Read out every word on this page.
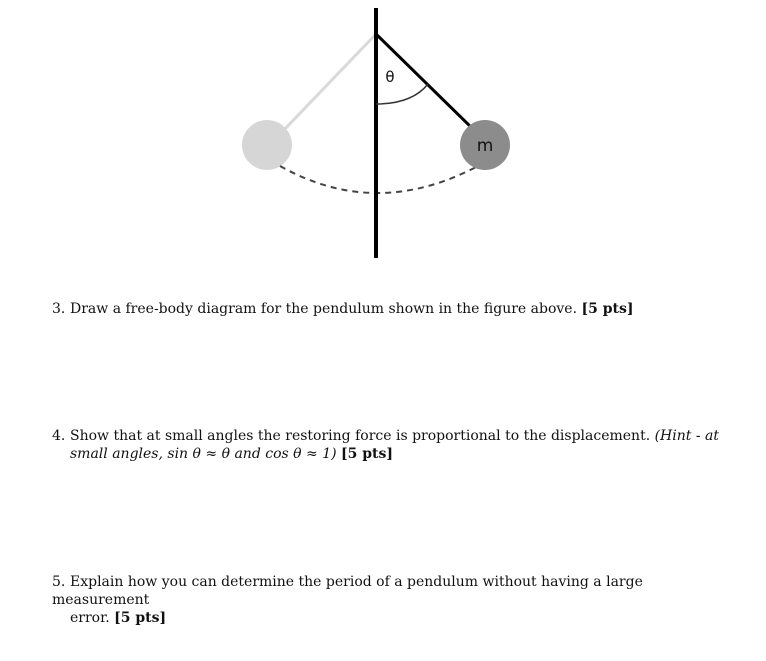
θ
m
3. Draw a free-body diagram for the pendulum shown in the figure above. [5 pts]
4. Show that at small angles the restoring force is proportional to the displacement. (Hint - at
small angles, sin θ ≈ θ and cos θ ≈ 1) [5 pts]
5. Explain how you can determine the period of a pendulum without having a large measurement
error. [5 pts]
